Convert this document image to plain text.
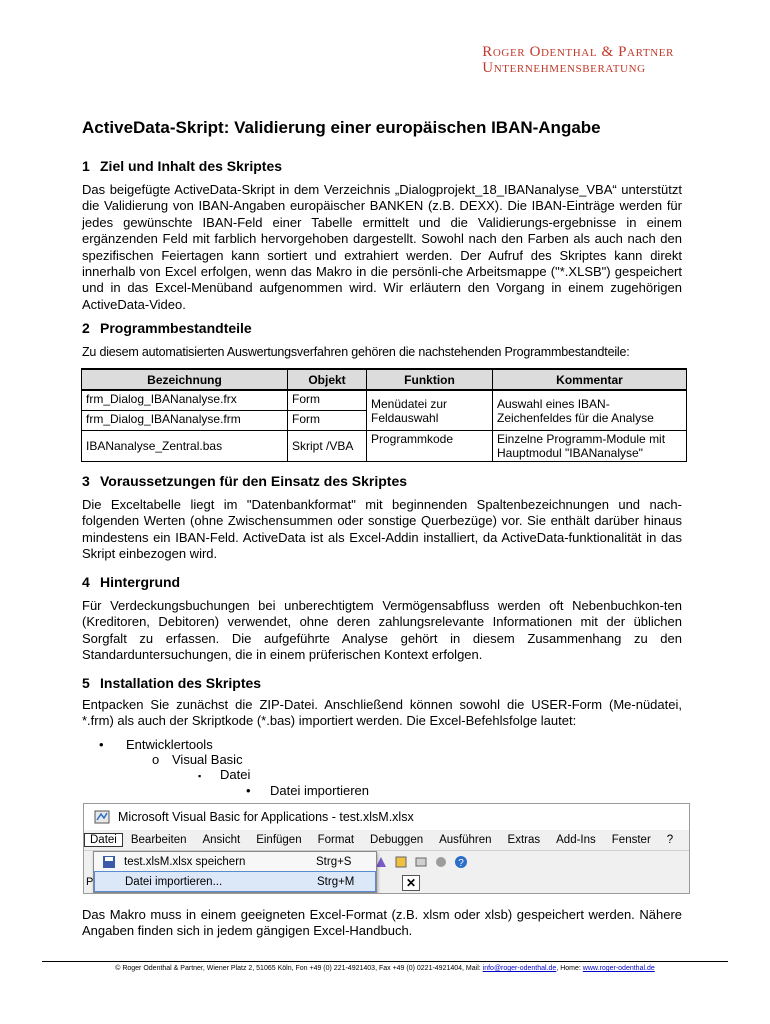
Roger Odenthal & Partner
Unternehmensberatung
ActiveData-Skript: Validierung einer europäischen IBAN-Angabe
1 Ziel und Inhalt des Skriptes

Das beigefügte ActiveData-Skript in dem Verzeichnis „Dialogprojekt_18_IBANanalyse_VBA“ unterstützt die Validierung von IBAN-Angaben europäischer BANKEN (z.B. DEXX). Die IBAN-Einträge werden für jedes gewünschte IBAN-Feld einer Tabelle ermittelt und die Validierungs-ergebnisse in einem ergänzenden Feld mit farblich hervorgehoben dargestellt. Sowohl nach den Farben als auch nach den spezifischen Feiertagen kann sortiert und extrahiert werden. Der Aufruf des Skriptes kann direkt innerhalb von Excel erfolgen, wenn das Makro in die persönli-che Arbeitsmappe ("*.XLSB") gespeichert und in das Excel-Menüband aufgenommen wird. Wir erläutern den Vorgang in einem zugehörigen ActiveData-Video.

2 Programmbestandteile

Zu diesem automatisierten Auswertungsverfahren gehören die nachstehenden Programmbestandteile:

Bezeichnung	Objekt	Funktion	Kommentar
frm_Dialog_IBANanalyse.frx	Form	Menüdatei zur Feldauswahl	Auswahl eines IBAN-Zeichenfeldes für die Analyse
frm_Dialog_IBANanalyse.frm	Form		
IBANanalyse_Zentral.bas	Skript /VBA	Programmkode	Einzelne Programm-Module mit Hauptmodul "IBANanalyse"
3 Voraussetzungen für den Einsatz des Skriptes

Die Exceltabelle liegt im "Datenbankformat" mit beginnenden Spaltenbezeichnungen und nach-folgenden Werten (ohne Zwischensummen oder sonstige Querbezüge) vor. Sie enthält darüber hinaus mindestens ein IBAN-Feld. ActiveData ist als Excel-Addin installiert, da ActiveData-funktionalität in das Skript einbezogen wird.

4 Hintergrund

Für Verdeckungsbuchungen bei unberechtigtem Vermögensabfluss werden oft Nebenbuchkon-ten (Kreditoren, Debitoren) verwendet, ohne deren zahlungsrelevante Informationen mit der üblichen Sorgfalt zu erfassen. Die aufgeführte Analyse gehört in diesem Zusammenhang zu den Standarduntersuchungen, die in einem prüferischen Kontext erfolgen.

5 Installation des Skriptes

Entpacken Sie zunächst die ZIP-Datei. Anschließend können sowohl die USER-Form (Me-nüdatei, *.frm) als auch der Skriptkode (*.bas) importiert werden. Die Excel-Befehlsfolge lautet:

• Entwicklertools
o Visual Basic
▪ Datei
• Datei importieren
Microsoft Visual Basic for Applications - test.xlsM.xlsx
Datei	Bearbeiten	Ansicht	Einfügen	Format	Debuggen	Ausführen	Extras	Add-Ins	Fenster	?
?
test.xlsM.xlsx speichern	Strg+S
Datei importieren...	Strg+M
P	✕

Das Makro muss in einem geeigneten Excel-Format (z.B. xlsm oder xlsb) gespeichert werden. Nähere Angaben finden sich in jedem gängigen Excel-Handbuch.

© Roger Odenthal & Partner, Wiener Platz 2, 51065 Köln, Fon +49 (0) 221-4921403, Fax +49 (0) 0221-4921404, Mail: info@roger-odenthal.de, Home: www.roger-odenthal.de
